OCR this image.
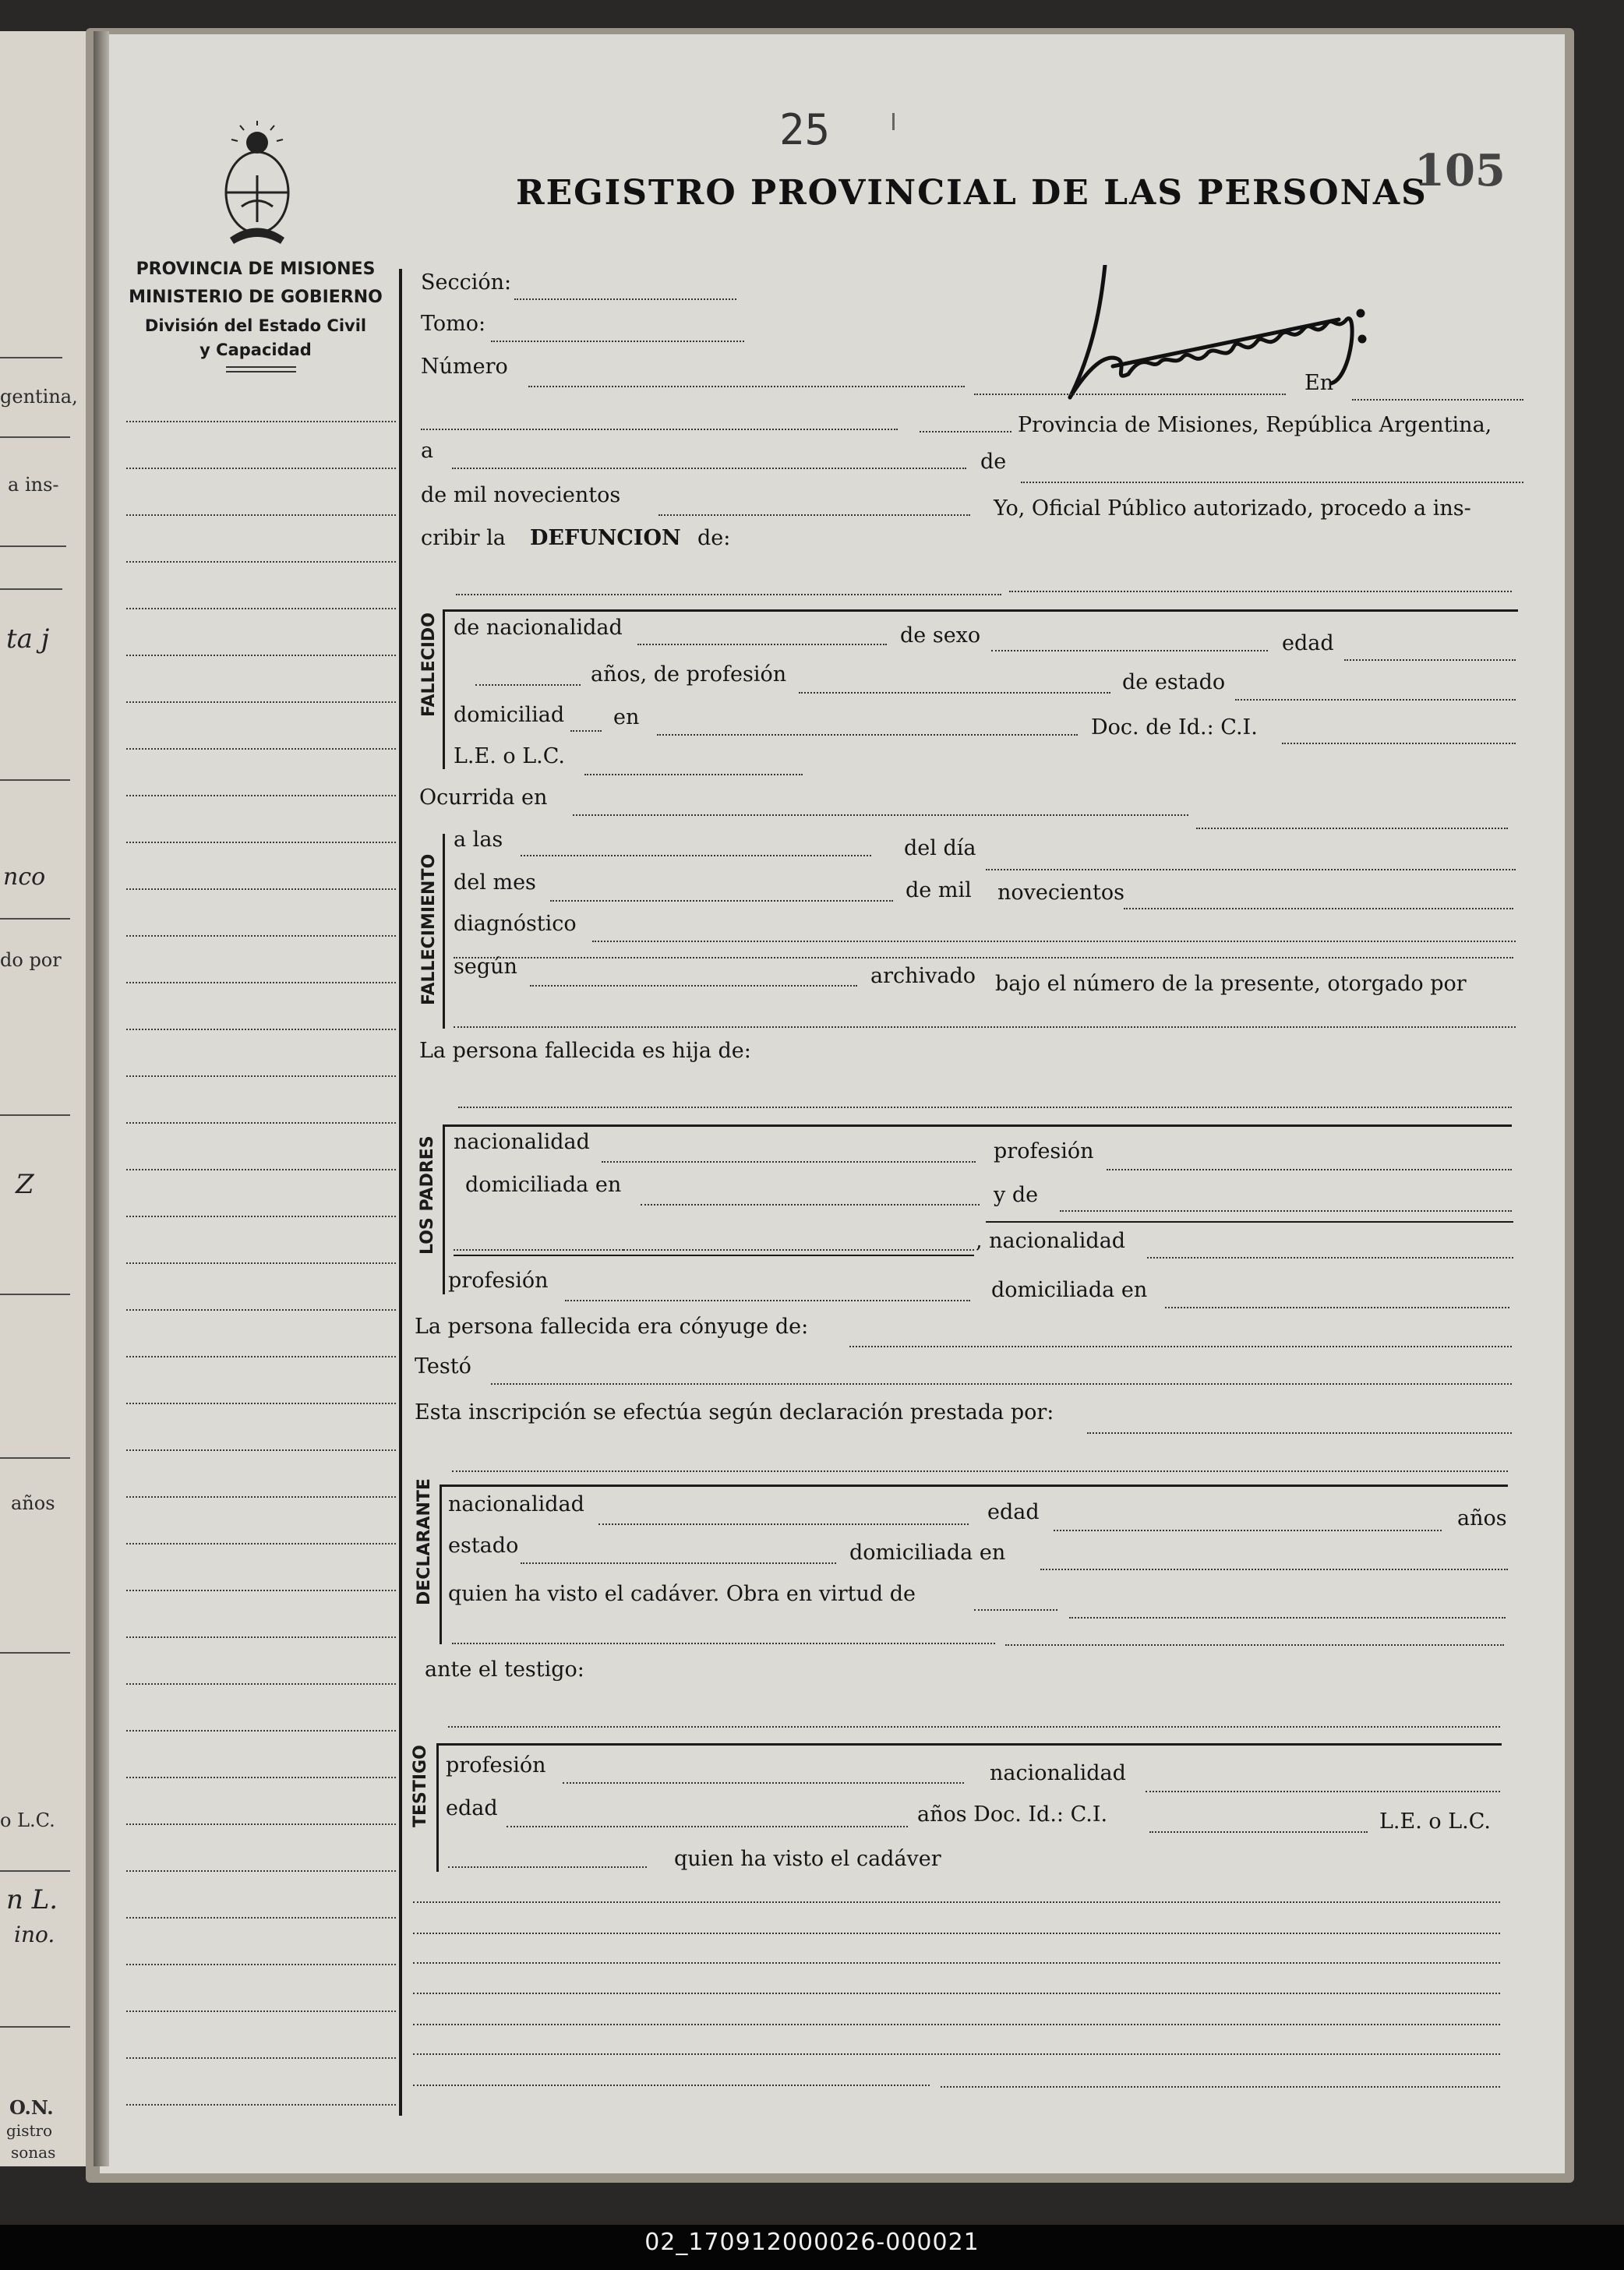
gentina,
a ins-
do por
años
o L.C.
O.N.
gistro
sonas
ta j
nco
Z
n L.
ino.
25
REGISTRO PROVINCIAL DE LAS PERSONAS
105
PROVINCIA DE MISIONES
MINISTERIO DE GOBIERNO
División del Estado Civil
y Capacidad
Sección:
Tomo:
Número
En
Provincia de Misiones, República Argentina,
a	de
de mil novecientos
Yo, Oficial Público autorizado, procedo a ins-
cribir la DEFUNCION de:
FALLECIDO de nacionalidad	de sexo	edad
años, de profesión	de estado
domiciliad en	Doc. de Id.: C.I.
L.E. o L.C.
Ocurrida en
FALLECIMIENTO
a las	del día
del mes	de mil novecientos
diagnóstico
según	archivado bajo el número de la presente, otorgado por
La persona fallecida es hija de:
LOS PADRES nacionalidad	profesión
domiciliada en	y de
, nacionalidad
profesión	domiciliada en
La persona fallecida era cónyuge de:
Testó
Esta inscripción se efectúa según declaración prestada por:
DECLARANTE nacionalidad	edad	años
estado	domiciliada en
quien ha visto el cadáver. Obra en virtud de
ante el testigo:
TESTIGO profesión	nacionalidad
edad	años Doc. Id.: C.I.	L.E. o L.C.
quien ha visto el cadáver
02_170912000026-000021
